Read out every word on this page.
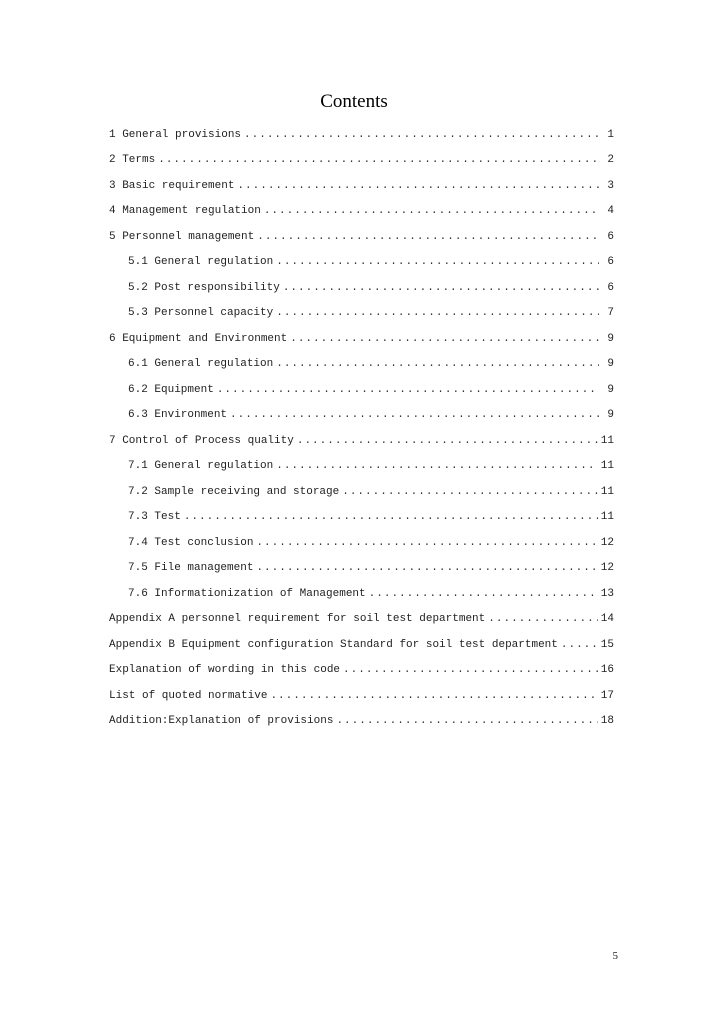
Contents
1 General provisions .....	1
2 Terms .....	2
3 Basic requirement .....	3
4 Management regulation .....	4
5 Personnel management .....	6
5.1 General regulation .....	6
5.2 Post responsibility .....	6
5.3 Personnel capacity .....	7
6 Equipment and Environment .....	9
6.1 General regulation .....	9
6.2 Equipment .....	9
6.3 Environment .....	9
7 Control of Process quality .....	11
7.1 General regulation .....	11
7.2 Sample receiving and storage .....	11
7.3 Test .....	11
7.4 Test conclusion .....	12
7.5 File management .....	12
7.6 Informationization of Management .....	13
Appendix A personnel requirement for soil test department .....	14
Appendix B Equipment configuration Standard for soil test department .....	15
Explanation of wording in this code .....	16
List of quoted normative .....	17
Addition:Explanation of provisions .....	18
5
